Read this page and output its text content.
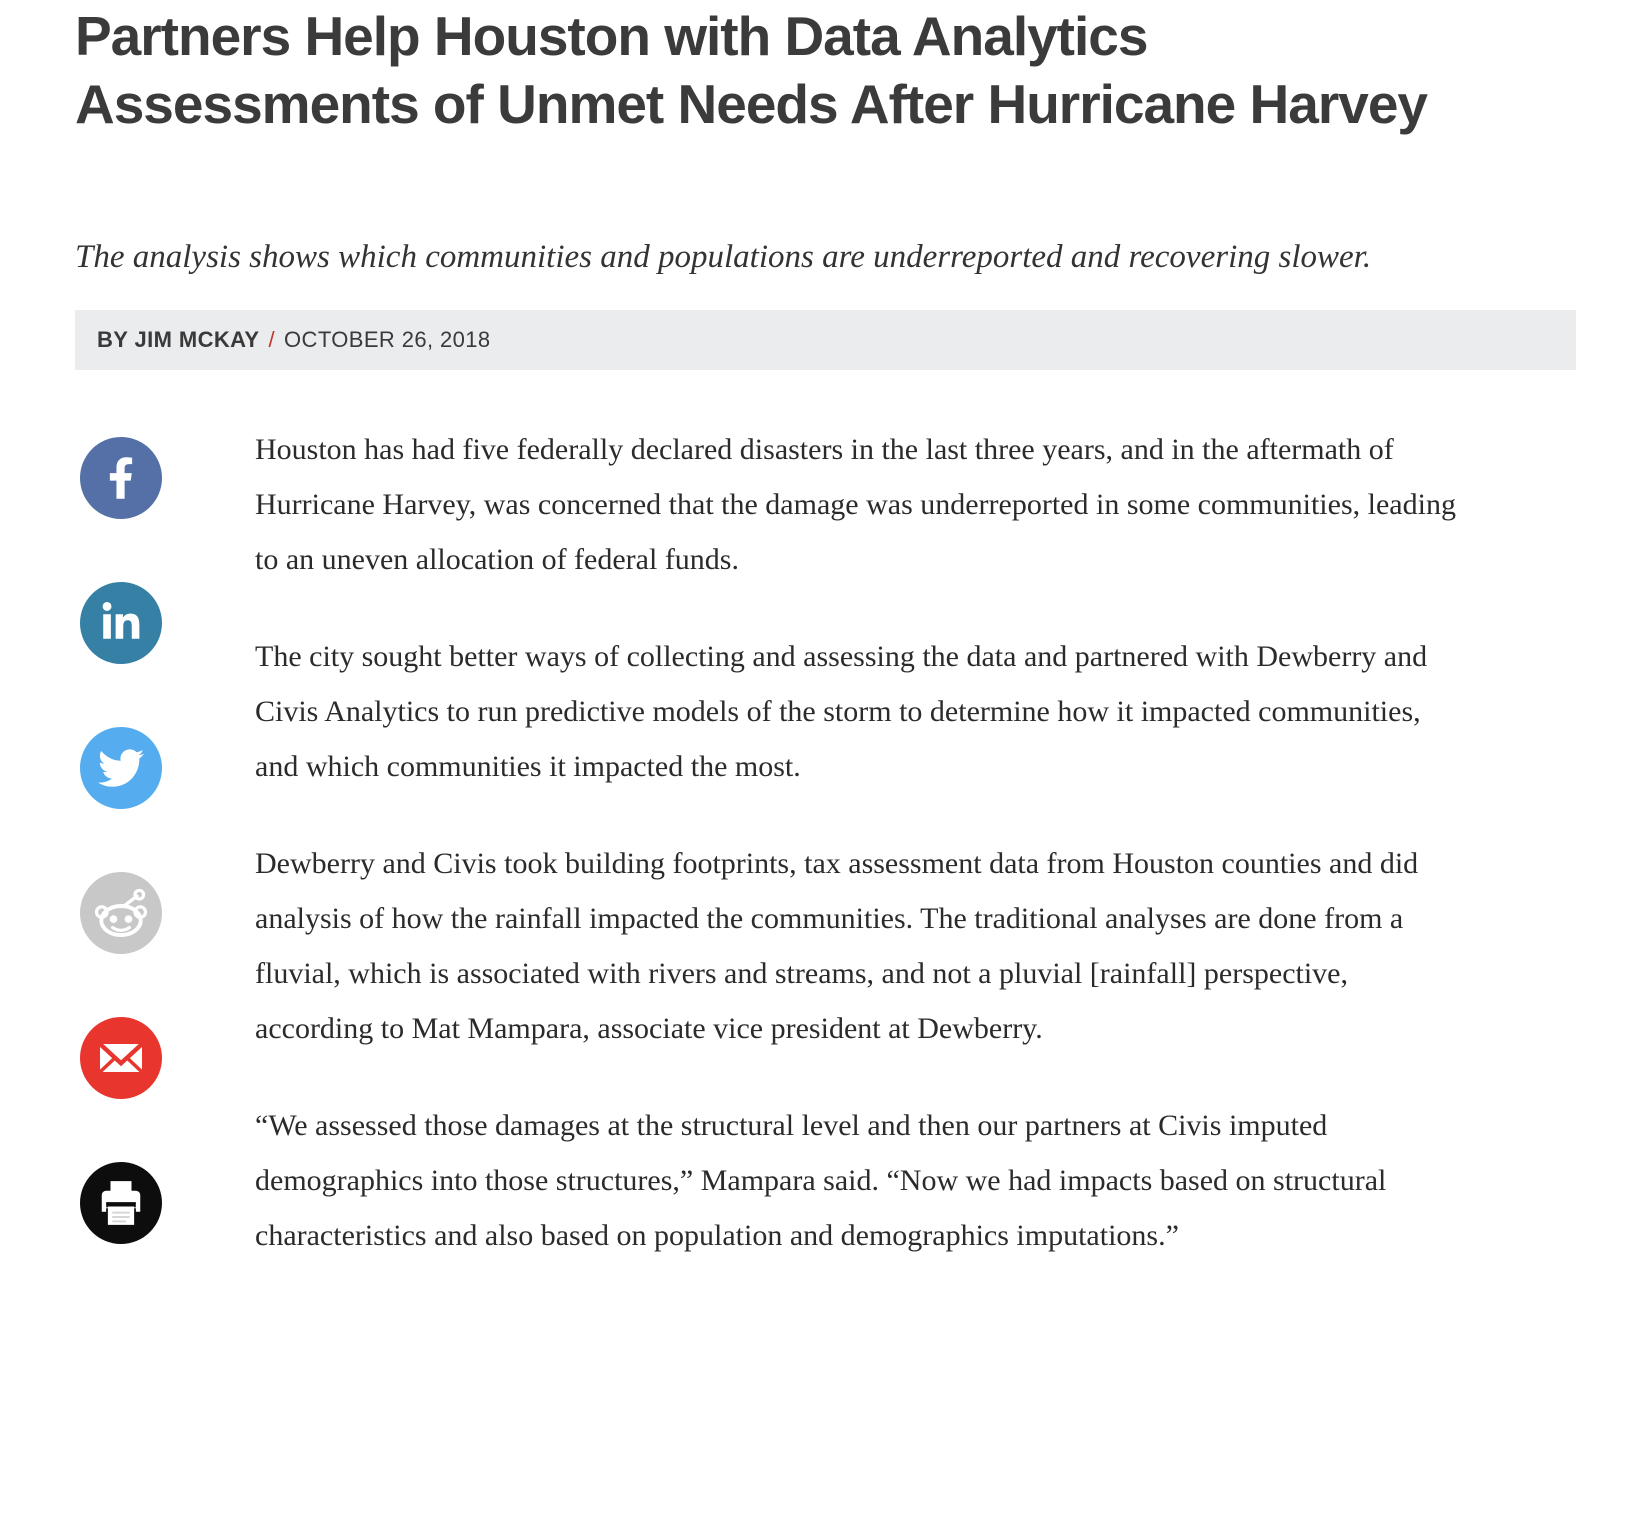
Partners Help Houston with Data Analytics Assessments of Unmet Needs After Hurricane Harvey

The analysis shows which communities and populations are underreported and recovering slower.

BY JIM MCKAY / OCTOBER 26, 2018

Houston has had five federally declared disasters in the last three years, and in the aftermath of Hurricane Harvey, was concerned that the damage was underreported in some communities, leading to an uneven allocation of federal funds.

The city sought better ways of collecting and assessing the data and partnered with Dewberry and Civis Analytics to run predictive models of the storm to determine how it impacted communities, and which communities it impacted the most.

Dewberry and Civis took building footprints, tax assessment data from Houston counties and did analysis of how the rainfall impacted the communities. The traditional analyses are done from a fluvial, which is associated with rivers and streams, and not a pluvial [rainfall] perspective, according to Mat Mampara, associate vice president at Dewberry.

“We assessed those damages at the structural level and then our partners at Civis imputed demographics into those structures,” Mampara said. “Now we had impacts based on structural characteristics and also based on population and demographics imputations.”
